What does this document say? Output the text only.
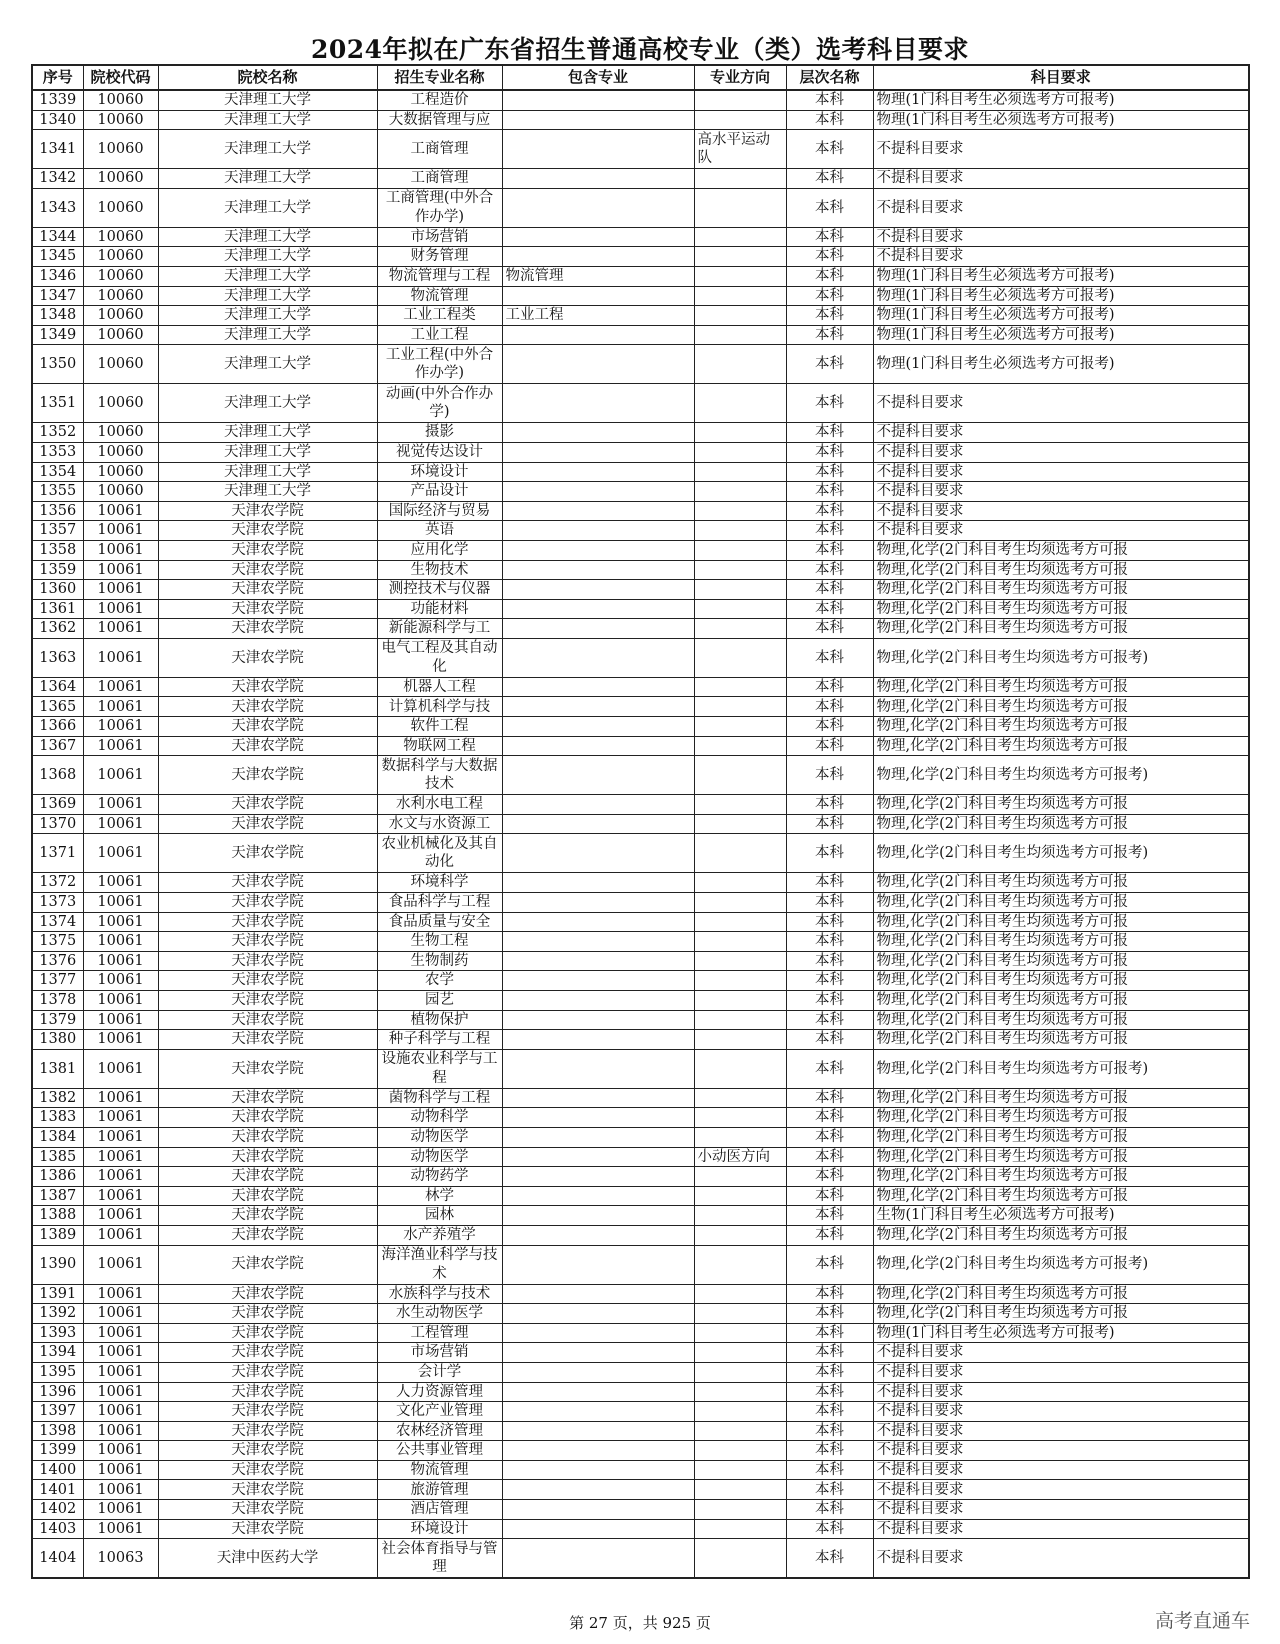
2024年拟在广东省招生普通高校专业（类）选考科目要求
序号	院校代码	院校名称	招生专业名称	包含专业	专业方向	层次名称	科目要求
1339	10060	天津理工大学	工程造价			本科	物理(1门科目考生必须选考方可报考)
1340	10060	天津理工大学	大数据管理与应			本科	物理(1门科目考生必须选考方可报考)
1341	10060	天津理工大学	工商管理		高水平运动队	本科	不提科目要求
1342	10060	天津理工大学	工商管理			本科	不提科目要求
1343	10060	天津理工大学	工商管理(中外合作办学)			本科	不提科目要求
1344	10060	天津理工大学	市场营销			本科	不提科目要求
1345	10060	天津理工大学	财务管理			本科	不提科目要求
1346	10060	天津理工大学	物流管理与工程	物流管理		本科	物理(1门科目考生必须选考方可报考)
1347	10060	天津理工大学	物流管理			本科	物理(1门科目考生必须选考方可报考)
1348	10060	天津理工大学	工业工程类	工业工程		本科	物理(1门科目考生必须选考方可报考)
1349	10060	天津理工大学	工业工程			本科	物理(1门科目考生必须选考方可报考)
1350	10060	天津理工大学	工业工程(中外合作办学)			本科	物理(1门科目考生必须选考方可报考)
1351	10060	天津理工大学	动画(中外合作办学)			本科	不提科目要求
1352	10060	天津理工大学	摄影			本科	不提科目要求
1353	10060	天津理工大学	视觉传达设计			本科	不提科目要求
1354	10060	天津理工大学	环境设计			本科	不提科目要求
1355	10060	天津理工大学	产品设计			本科	不提科目要求
1356	10061	天津农学院	国际经济与贸易			本科	不提科目要求
1357	10061	天津农学院	英语			本科	不提科目要求
1358	10061	天津农学院	应用化学			本科	物理,化学(2门科目考生均须选考方可报
1359	10061	天津农学院	生物技术			本科	物理,化学(2门科目考生均须选考方可报
1360	10061	天津农学院	测控技术与仪器			本科	物理,化学(2门科目考生均须选考方可报
1361	10061	天津农学院	功能材料			本科	物理,化学(2门科目考生均须选考方可报
1362	10061	天津农学院	新能源科学与工			本科	物理,化学(2门科目考生均须选考方可报
1363	10061	天津农学院	电气工程及其自动化			本科	物理,化学(2门科目考生均须选考方可报考)
1364	10061	天津农学院	机器人工程			本科	物理,化学(2门科目考生均须选考方可报
1365	10061	天津农学院	计算机科学与技			本科	物理,化学(2门科目考生均须选考方可报
1366	10061	天津农学院	软件工程			本科	物理,化学(2门科目考生均须选考方可报
1367	10061	天津农学院	物联网工程			本科	物理,化学(2门科目考生均须选考方可报
1368	10061	天津农学院	数据科学与大数据技术			本科	物理,化学(2门科目考生均须选考方可报考)
1369	10061	天津农学院	水利水电工程			本科	物理,化学(2门科目考生均须选考方可报
1370	10061	天津农学院	水文与水资源工			本科	物理,化学(2门科目考生均须选考方可报
1371	10061	天津农学院	农业机械化及其自动化			本科	物理,化学(2门科目考生均须选考方可报考)
1372	10061	天津农学院	环境科学			本科	物理,化学(2门科目考生均须选考方可报
1373	10061	天津农学院	食品科学与工程			本科	物理,化学(2门科目考生均须选考方可报
1374	10061	天津农学院	食品质量与安全			本科	物理,化学(2门科目考生均须选考方可报
1375	10061	天津农学院	生物工程			本科	物理,化学(2门科目考生均须选考方可报
1376	10061	天津农学院	生物制药			本科	物理,化学(2门科目考生均须选考方可报
1377	10061	天津农学院	农学			本科	物理,化学(2门科目考生均须选考方可报
1378	10061	天津农学院	园艺			本科	物理,化学(2门科目考生均须选考方可报
1379	10061	天津农学院	植物保护			本科	物理,化学(2门科目考生均须选考方可报
1380	10061	天津农学院	种子科学与工程			本科	物理,化学(2门科目考生均须选考方可报
1381	10061	天津农学院	设施农业科学与工程			本科	物理,化学(2门科目考生均须选考方可报考)
1382	10061	天津农学院	菌物科学与工程			本科	物理,化学(2门科目考生均须选考方可报
1383	10061	天津农学院	动物科学			本科	物理,化学(2门科目考生均须选考方可报
1384	10061	天津农学院	动物医学			本科	物理,化学(2门科目考生均须选考方可报
1385	10061	天津农学院	动物医学		小动医方向	本科	物理,化学(2门科目考生均须选考方可报
1386	10061	天津农学院	动物药学			本科	物理,化学(2门科目考生均须选考方可报
1387	10061	天津农学院	林学			本科	物理,化学(2门科目考生均须选考方可报
1388	10061	天津农学院	园林			本科	生物(1门科目考生必须选考方可报考)
1389	10061	天津农学院	水产养殖学			本科	物理,化学(2门科目考生均须选考方可报
1390	10061	天津农学院	海洋渔业科学与技术			本科	物理,化学(2门科目考生均须选考方可报考)
1391	10061	天津农学院	水族科学与技术			本科	物理,化学(2门科目考生均须选考方可报
1392	10061	天津农学院	水生动物医学			本科	物理,化学(2门科目考生均须选考方可报
1393	10061	天津农学院	工程管理			本科	物理(1门科目考生必须选考方可报考)
1394	10061	天津农学院	市场营销			本科	不提科目要求
1395	10061	天津农学院	会计学			本科	不提科目要求
1396	10061	天津农学院	人力资源管理			本科	不提科目要求
1397	10061	天津农学院	文化产业管理			本科	不提科目要求
1398	10061	天津农学院	农林经济管理			本科	不提科目要求
1399	10061	天津农学院	公共事业管理			本科	不提科目要求
1400	10061	天津农学院	物流管理			本科	不提科目要求
1401	10061	天津农学院	旅游管理			本科	不提科目要求
1402	10061	天津农学院	酒店管理			本科	不提科目要求
1403	10061	天津农学院	环境设计			本科	不提科目要求
1404	10063	天津中医药大学	社会体育指导与管理			本科	不提科目要求
第 27 页，共 925 页	高考直通车
